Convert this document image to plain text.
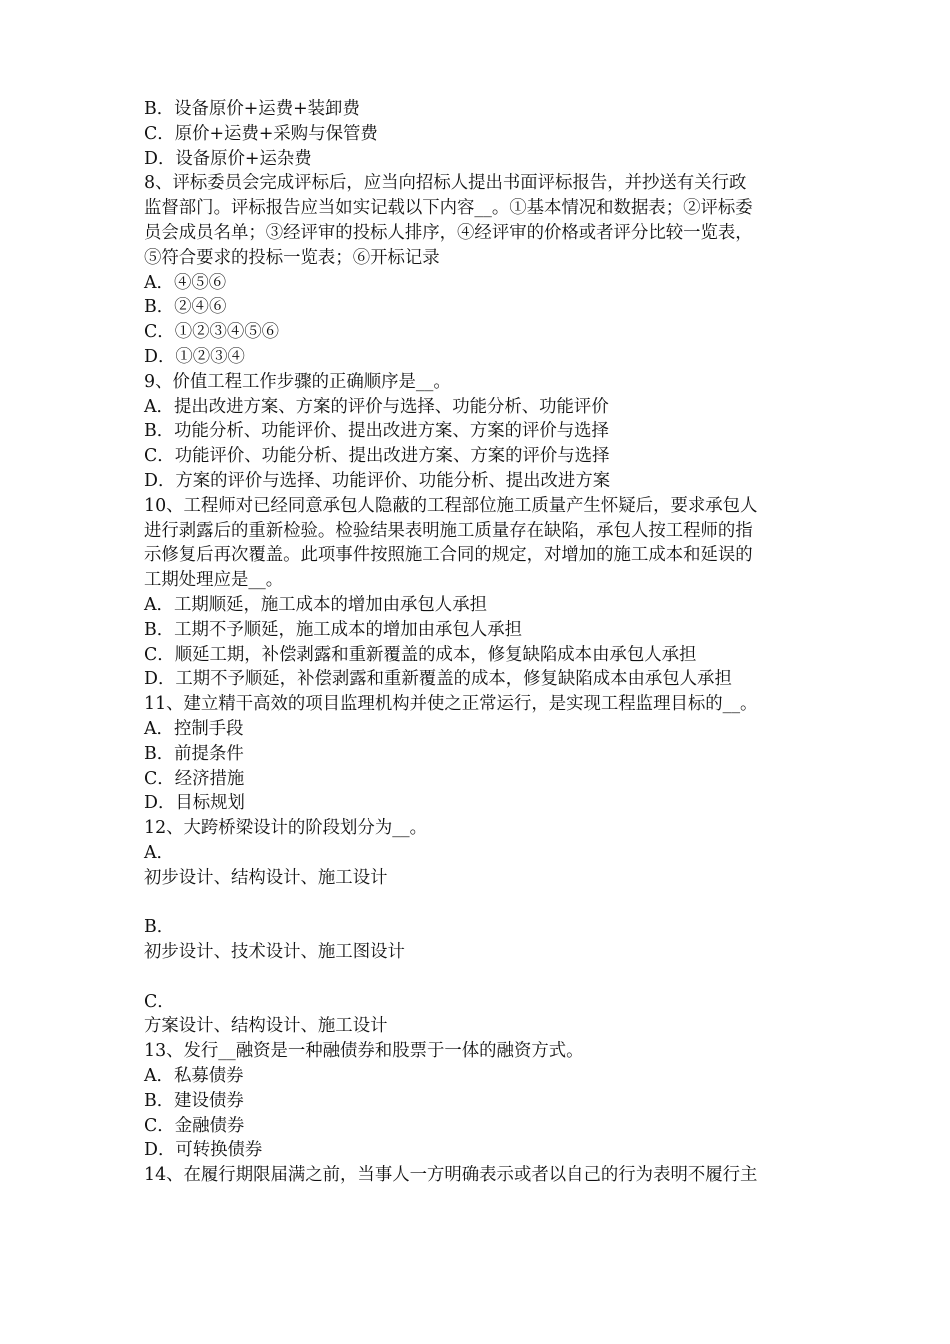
B．设备原价+运费+装卸费
C．原价+运费+采购与保管费
D．设备原价+运杂费
8、评标委员会完成评标后，应当向招标人提出书面评标报告，并抄送有关行政
监督部门。评标报告应当如实记载以下内容__。①基本情况和数据表；②评标委
员会成员名单；③经评审的投标人排序，④经评审的价格或者评分比较一览表，
⑤符合要求的投标一览表；⑥开标记录
A．④⑤⑥
B．②④⑥
C．①②③④⑤⑥
D．①②③④
9、价值工程工作步骤的正确顺序是__。
A．提出改进方案、方案的评价与选择、功能分析、功能评价
B．功能分析、功能评价、提出改进方案、方案的评价与选择
C．功能评价、功能分析、提出改进方案、方案的评价与选择
D．方案的评价与选择、功能评价、功能分析、提出改进方案
10、工程师对已经同意承包人隐蔽的工程部位施工质量产生怀疑后，要求承包人
进行剥露后的重新检验。检验结果表明施工质量存在缺陷，承包人按工程师的指
示修复后再次覆盖。此项事件按照施工合同的规定，对增加的施工成本和延误的
工期处理应是__。
A．工期顺延，施工成本的增加由承包人承担
B．工期不予顺延，施工成本的增加由承包人承担
C．顺延工期，补偿剥露和重新覆盖的成本，修复缺陷成本由承包人承担
D．工期不予顺延，补偿剥露和重新覆盖的成本，修复缺陷成本由承包人承担
11、建立精干高效的项目监理机构并使之正常运行，是实现工程监理目标的__。
A．控制手段
B．前提条件
C．经济措施
D．目标规划
12、大跨桥梁设计的阶段划分为__。
A．
初步设计、结构设计、施工设计
B．
初步设计、技术设计、施工图设计
C．
方案设计、结构设计、施工设计
13、发行__融资是一种融债券和股票于一体的融资方式。
A．私募债券
B．建设债券
C．金融债券
D．可转换债券
14、在履行期限届满之前，当事人一方明确表示或者以自己的行为表明不履行主
